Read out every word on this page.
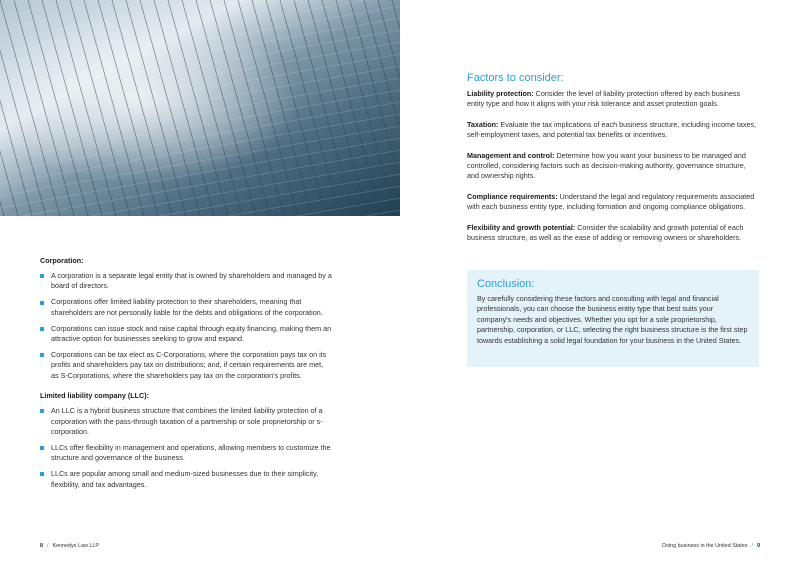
Corporation:
A corporation is a separate legal entity that is owned by shareholders and managed by a board of directors.
Corporations offer limited liability protection to their shareholders, meaning that shareholders are not personally liable for the debts and obligations of the corporation.
Corporations can issue stock and raise capital through equity financing, making them an attractive option for businesses seeking to grow and expand.
Corporations can be tax elect as C-Corporations, where the corporation pays tax on its profits and shareholders pay tax on distributions; and, if certain requirements are met, as S-Corporations, where the shareholders pay tax on the corporation's profits.
Limited liability company (LLC):
An LLC is a hybrid business structure that combines the limited liability protection of a corporation with the pass-through taxation of a partnership or sole proprietorship or s-corporation.
LLCs offer flexibility in management and operations, allowing members to customize the structure and governance of the business.
LLCs are popular among small and medium-sized businesses due to their simplicity, flexibility, and tax advantages.
Factors to consider:

Liability protection: Consider the level of liability protection offered by each business entity type and how it aligns with your risk tolerance and asset protection goals.

Taxation: Evaluate the tax implications of each business structure, including income taxes, self-employment taxes, and potential tax benefits or incentives.

Management and control: Determine how you want your business to be managed and controlled, considering factors such as decision-making authority, governance structure, and ownership rights.

Compliance requirements: Understand the legal and regulatory requirements associated with each business entity type, including formation and ongoing compliance obligations.

Flexibility and growth potential: Consider the scalability and growth potential of each business structure, as well as the ease of adding or removing owners or shareholders.

Conclusion:

By carefully considering these factors and consulting with legal and financial professionals, you can choose the business entity type that best suits your company's needs and objectives. Whether you opt for a sole proprietorship, partnership, corporation, or LLC, selecting the right business structure is the first step towards establishing a solid legal foundation for your business in the United States.

8 / Kennedys Law LLP	Doing business in the United States / 9
